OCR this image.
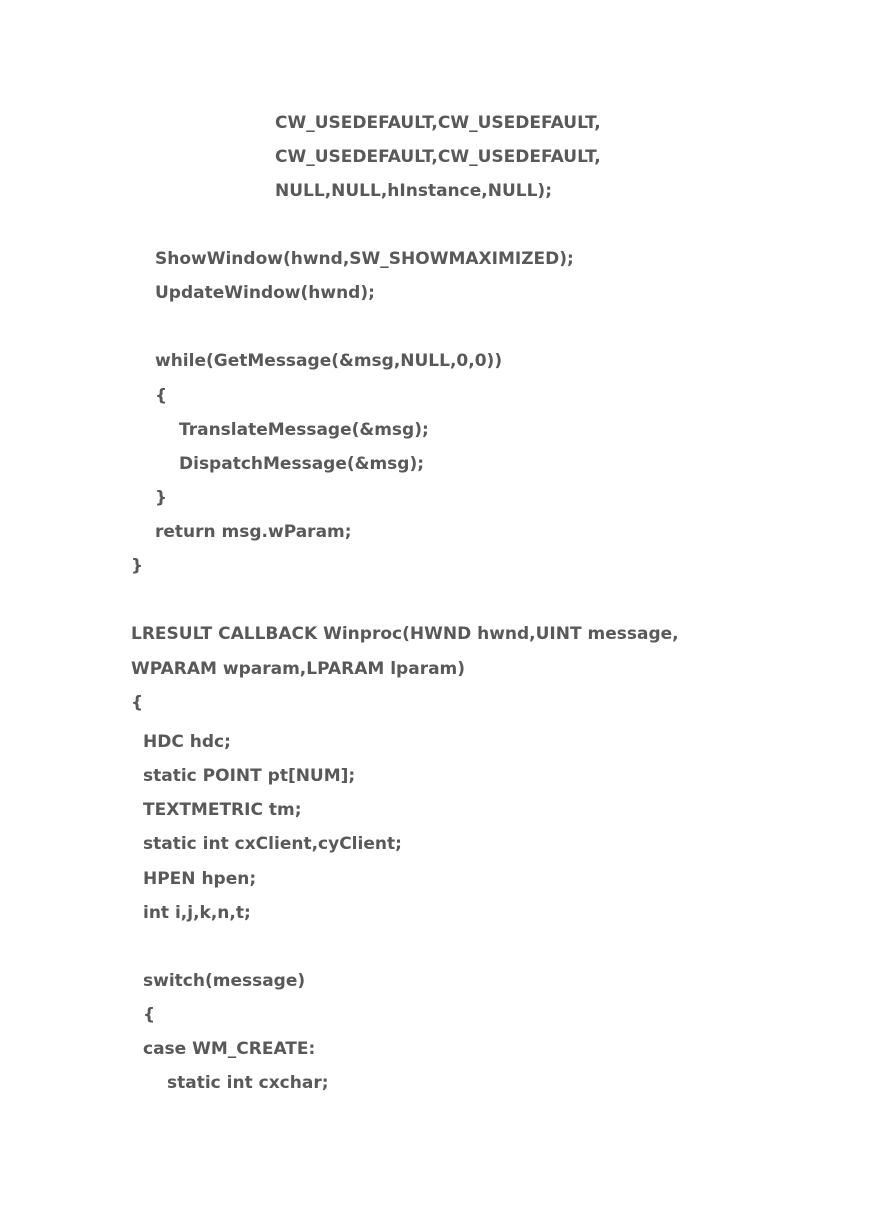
CW_USEDEFAULT,CW_USEDEFAULT,

CW_USEDEFAULT,CW_USEDEFAULT,

NULL,NULL,hInstance,NULL);

ShowWindow(hwnd,SW_SHOWMAXIMIZED);

UpdateWindow(hwnd);

while(GetMessage(&msg,NULL,0,0))

{

TranslateMessage(&msg);

DispatchMessage(&msg);

}

return msg.wParam;

}

LRESULT CALLBACK Winproc(HWND hwnd,UINT message,

WPARAM wparam,LPARAM lparam)

{

HDC hdc;

static POINT pt[NUM];

TEXTMETRIC tm;

static int cxClient,cyClient;

HPEN hpen;

int i,j,k,n,t;

switch(message)

{

case WM_CREATE:

static int cxchar;
